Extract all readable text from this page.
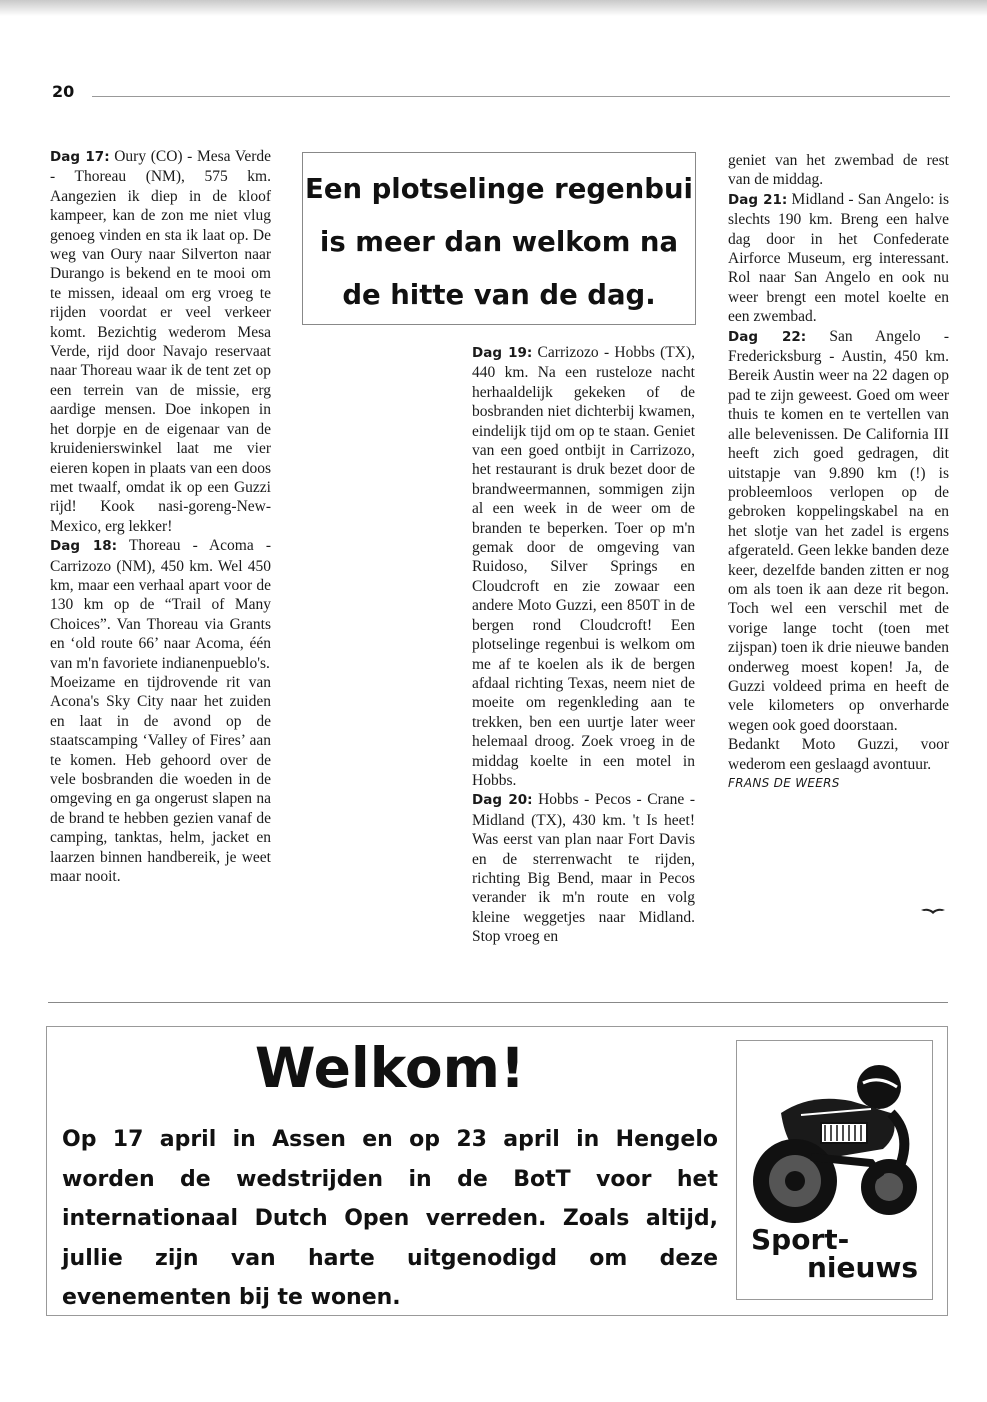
20

Dag 17: Oury (CO) - Mesa Verde - Thoreau (NM), 575 km. Aangezien ik diep in de kloof kampeer, kan de zon me niet vlug genoeg vinden en sta ik laat op. De weg van Oury naar Silverton naar Durango is bekend en te mooi om te missen, ideaal om erg vroeg te rijden voordat er veel verkeer komt. Bezichtig wederom Mesa Verde, rijd door Navajo reservaat naar Thoreau waar ik de tent zet op een terrein van de missie, erg aardige mensen. Doe inkopen in het dorpje en de eigenaar van de kruidenierswinkel laat me vier eieren kopen in plaats van een doos met twaalf, omdat ik op een Guzzi rijd! Kook nasi-goreng-New-Mexico, erg lekker!

Dag 18: Thoreau - Acoma - Carrizozo (NM), 450 km. Wel 450 km, maar een verhaal apart voor de 130 km op de “Trail of Many Choices”. Van Thoreau via Grants en ‘old route 66’ naar Acoma, één van m'n favoriete indianenpueblo's.

Moeizame en tijdrovende rit van Acona's Sky City naar het zuiden en laat in de avond op de staatscamping ‘Valley of Fires’ aan te komen. Heb gehoord over de vele bosbranden die woeden in de omgeving en ga ongerust slapen na de brand te hebben gezien vanaf de camping, tanktas, helm, jacket en laarzen binnen handbereik, je weet maar nooit.

Een plotselinge regenbui
is meer dan welkom na
de hitte van de dag.

Dag 19: Carrizozo - Hobbs (TX), 440 km. Na een rusteloze nacht herhaaldelijk gekeken of de bosbranden niet dichterbij kwamen, eindelijk tijd om op te staan. Geniet van een goed ontbijt in Carrizozo, het restaurant is druk bezet door de brandweermannen, sommigen zijn al een week in de weer om de branden te beperken. Toer op m'n gemak door de omgeving van Ruidoso, Silver Springs en Cloudcroft en zie zowaar een andere Moto Guzzi, een 850T in de bergen rond Cloudcroft! Een plotselinge regenbui is welkom om me af te koelen als ik de bergen afdaal richting Texas, neem niet de moeite om regenkleding aan te trekken, ben een uurtje later weer helemaal droog. Zoek vroeg in de middag koelte in een motel in Hobbs.

Dag 20: Hobbs - Pecos - Crane - Midland (TX), 430 km. 't Is heet! Was eerst van plan naar Fort Davis en de sterrenwacht te rijden, richting Big Bend, maar in Pecos verander ik m'n route en volg kleine weggetjes naar Midland. Stop vroeg en

geniet van het zwembad de rest van de middag.

Dag 21: Midland - San Angelo: is slechts 190 km. Breng een halve dag door in het Confederate Airforce Museum, erg interessant. Rol naar San Angelo en ook nu weer brengt een motel koelte en een zwembad.

Dag 22: San Angelo - Fredericksburg - Austin, 450 km. Bereik Austin weer na 22 dagen op pad te zijn geweest. Goed om weer thuis te komen en te vertellen van alle belevenissen. De California III heeft zich goed gedragen, dit uitstapje van 9.890 km (!) is probleemloos verlopen op de gebroken koppelingskabel na en het slotje van het zadel is ergens afgerateld. Geen lekke banden deze keer, dezelfde banden zitten er nog om als toen ik aan deze rit begon. Toch wel een verschil met de vorige lange tocht (toen met zijspan) toen ik drie nieuwe banden onderweg moest kopen! Ja, de Guzzi voldeed prima en heeft de vele kilometers op onverharde wegen ook goed doorstaan.

Bedankt Moto Guzzi, voor wederom een geslaagd avontuur.

FRANS DE WEERS

Welkom!
Op 17 april in Assen en op 23 april in Hengelo worden de wedstrijden in de BotT voor het internationaal Dutch Open verreden. Zoals altijd, jullie zijn van harte uitgenodigd om deze evenementen bij te wonen.
Sport-
nieuws
